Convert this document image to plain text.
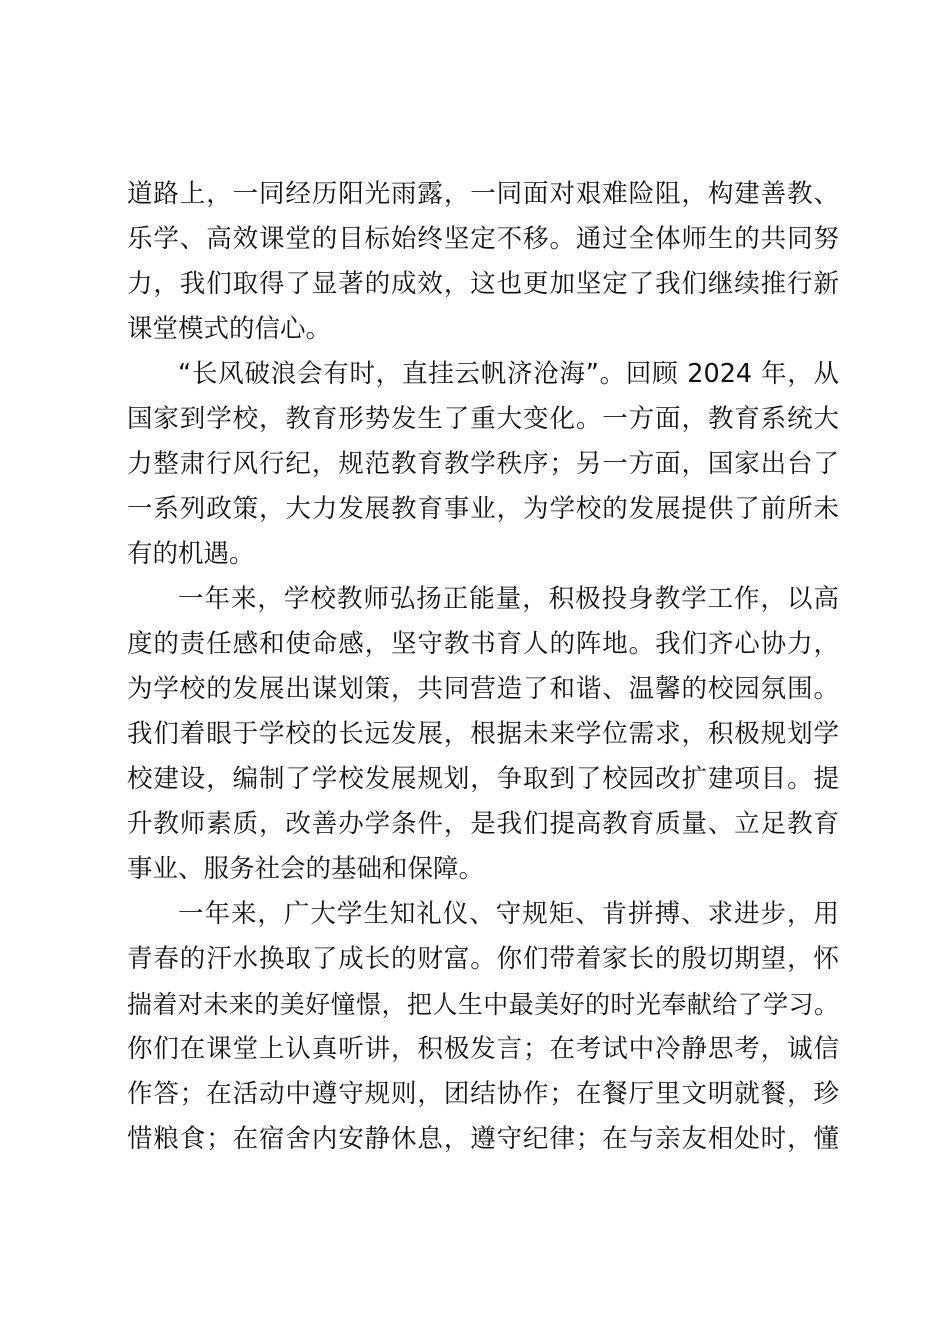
道路上，一同经历阳光雨露，一同面对艰难险阻，构建善教、
乐学、高效课堂的目标始终坚定不移。通过全体师生的共同努
力，我们取得了显著的成效，这也更加坚定了我们继续推行新
课堂模式的信心。
“长风破浪会有时，直挂云帆济沧海”。回顾 2024 年，从
国家到学校，教育形势发生了重大变化。一方面，教育系统大
力整肃行风行纪，规范教育教学秩序；另一方面，国家出台了
一系列政策，大力发展教育事业，为学校的发展提供了前所未
有的机遇。
一年来，学校教师弘扬正能量，积极投身教学工作，以高
度的责任感和使命感，坚守教书育人的阵地。我们齐心协力，
为学校的发展出谋划策，共同营造了和谐、温馨的校园氛围。
我们着眼于学校的长远发展，根据未来学位需求，积极规划学
校建设，编制了学校发展规划，争取到了校园改扩建项目。提
升教师素质，改善办学条件，是我们提高教育质量、立足教育
事业、服务社会的基础和保障。
一年来，广大学生知礼仪、守规矩、肯拼搏、求进步，用
青春的汗水换取了成长的财富。你们带着家长的殷切期望，怀
揣着对未来的美好憧憬，把人生中最美好的时光奉献给了学习。
你们在课堂上认真听讲，积极发言；在考试中冷静思考，诚信
作答；在活动中遵守规则，团结协作；在餐厅里文明就餐，珍
惜粮食；在宿舍内安静休息，遵守纪律；在与亲友相处时，懂
